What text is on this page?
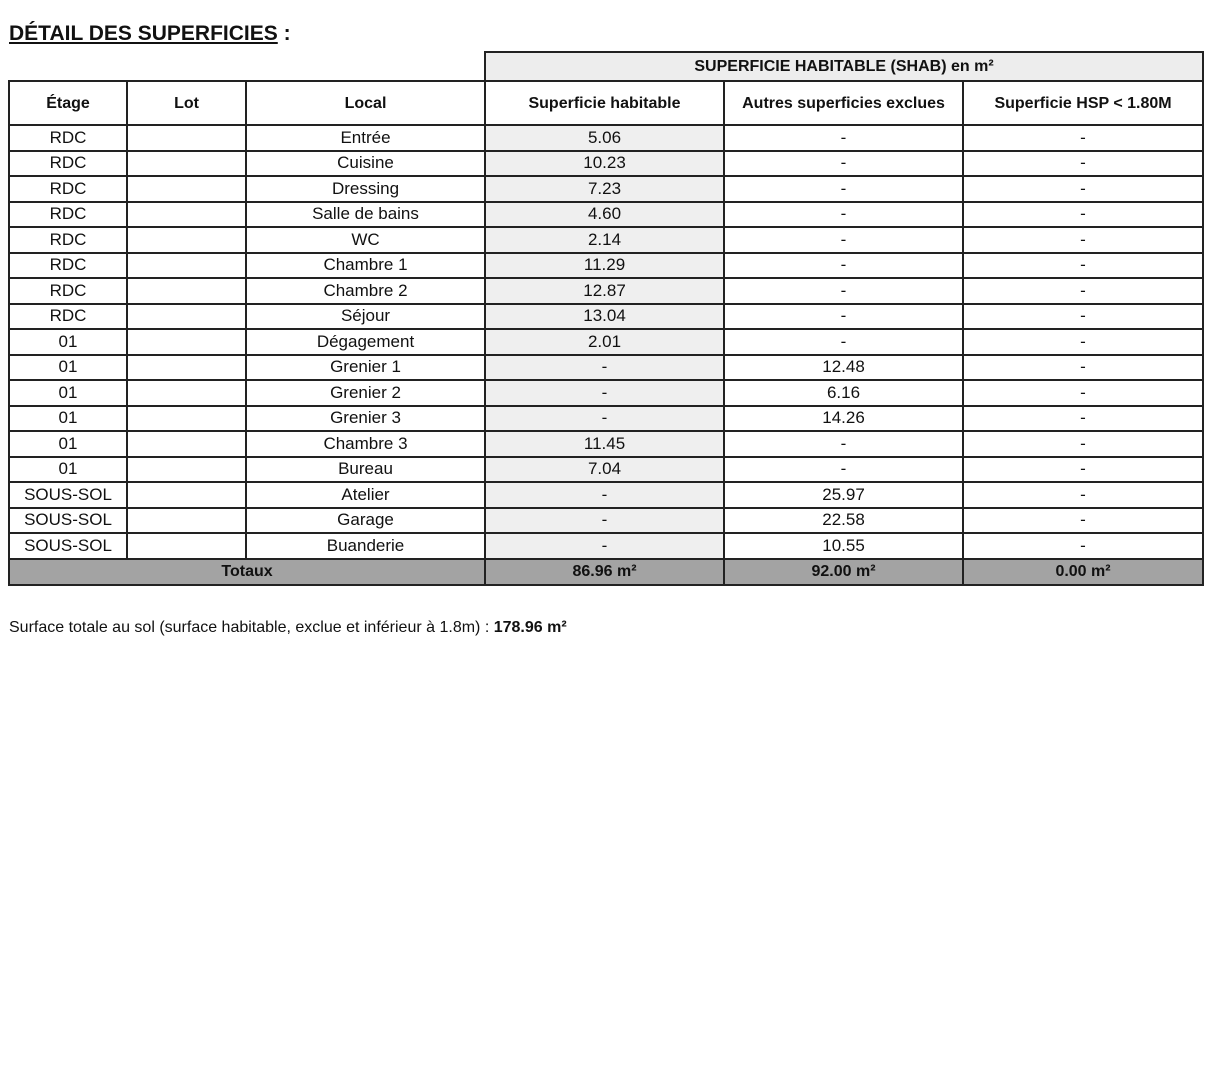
DÉTAIL DES SUPERFICIES :
			SUPERFICIE HABITABLE (SHAB) en m²		
Étage	Lot	Local	Superficie habitable	Autres superficies exclues	Superficie HSP < 1.80M
RDC		Entrée	5.06	-	-
RDC		Cuisine	10.23	-	-
RDC		Dressing	7.23	-	-
RDC		Salle de bains	4.60	-	-
RDC		WC	2.14	-	-
RDC		Chambre 1	11.29	-	-
RDC		Chambre 2	12.87	-	-
RDC		Séjour	13.04	-	-
01		Dégagement	2.01	-	-
01		Grenier 1	-	12.48	-
01		Grenier 2	-	6.16	-
01		Grenier 3	-	14.26	-
01		Chambre 3	11.45	-	-
01		Bureau	7.04	-	-
SOUS-SOL		Atelier	-	25.97	-
SOUS-SOL		Garage	-	22.58	-
SOUS-SOL		Buanderie	-	10.55	-
Totaux			86.96 m²	92.00 m²	0.00 m²
Surface totale au sol (surface habitable, exclue et inférieur à 1.8m) : 178.96 m²
